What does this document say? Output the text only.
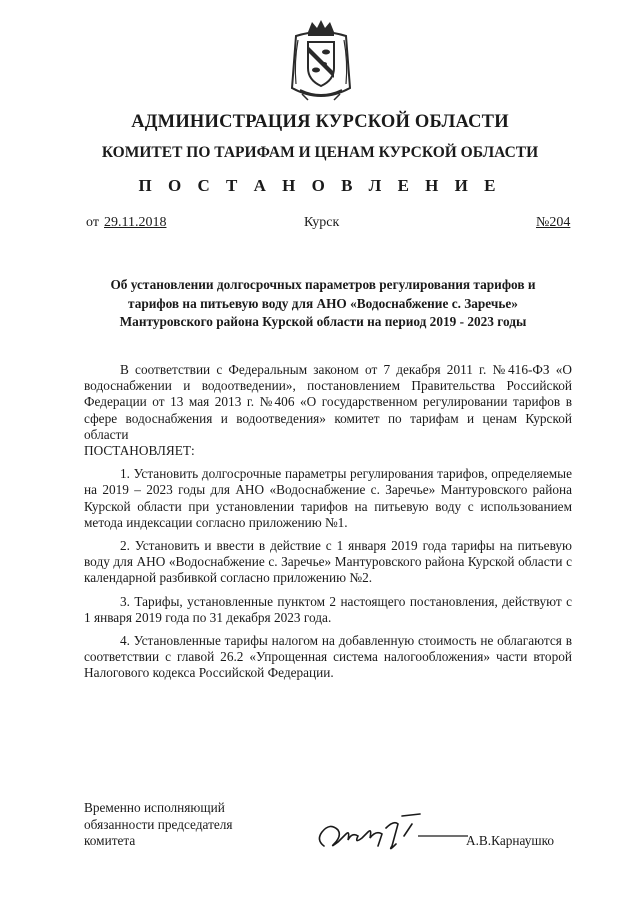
АДМИНИСТРАЦИЯ КУРСКОЙ ОБЛАСТИ
КОМИТЕТ ПО ТАРИФАМ И ЦЕНАМ КУРСКОЙ ОБЛАСТИ
П О С Т А Н О В Л Е Н И Е
от 29.11.2018	Курск	№204

Об установлении долгосрочных параметров регулирования тарифов и тарифов на питьевую воду для АНО «Водоснабжение с. Заречье» Мантуровского района Курской области на период 2019 - 2023 годы

В соответствии с Федеральным законом от 7 декабря 2011 г. №416-ФЗ «О водоснабжении и водоотведении», постановлением Правительства Российской Федерации от 13 мая 2013 г. №406 «О государственном регулировании тарифов в сфере водоснабжения и водоотведения» комитет по тарифам и ценам Курской области
ПОСТАНОВЛЯЕТ:

1. Установить долгосрочные параметры регулирования тарифов, определяемые на 2019 – 2023 годы для АНО «Водоснабжение с. Заречье» Мантуровского района Курской области при установлении тарифов на питьевую воду с использованием метода индексации согласно приложению №1.

2. Установить и ввести в действие с 1 января 2019 года тарифы на питьевую воду для АНО «Водоснабжение с. Заречье» Мантуровского района Курской области с календарной разбивкой согласно приложению №2.

3. Тарифы, установленные пунктом 2 настоящего постановления, действуют с 1 января 2019 года по 31 декабря 2023 года.

4. Установленные тарифы налогом на добавленную стоимость не облагаются в соответствии с главой 26.2 «Упрощенная система налогообложения» части второй Налогового кодекса Российской Федерации.

Временно исполняющий
обязанности председателя
комитета	А.В.Карнаушко
